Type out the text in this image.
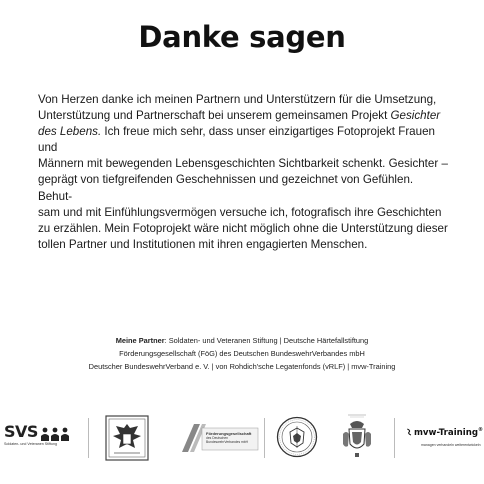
Danke sagen

Von Herzen danke ich meinen Partnern und Unterstützern für die Umsetzung,

Unterstützung und Partnerschaft bei unserem gemeinsamen Projekt Gesichter

des Lebens. Ich freue mich sehr, dass unser einzigartiges Fotoprojekt Frauen und

Männern mit bewegenden Lebensgeschichten Sichtbarkeit schenkt. Gesichter –

geprägt von tiefgreifenden Geschehnissen und gezeichnet von Gefühlen. Behut-

sam und mit Einfühlungsvermögen versuche ich, fotografisch ihre Geschichten

zu erzählen. Mein Fotoprojekt wäre nicht möglich ohne die Unterstützung dieser

tollen Partner und Institutionen mit ihren engagierten Menschen.

Meine Partner: Soldaten- und Veteranen Stiftung | Deutsche Härtefallstiftung
Förderungsgesellschaft (FöG) des Deutschen BundeswehrVerbandes mbH
Deutscher BundeswehrVerband e. V. | von Rohdich'sche Legatenfonds (vRLF) | mvw-Training
SVS
Soldaten- und Veteranen Stiftung
Förderungsgesellschaft
des Deutschen
BundeswehrVerbandes mbH
mvw-Training®
managen verhandeln weiterentwickeln
